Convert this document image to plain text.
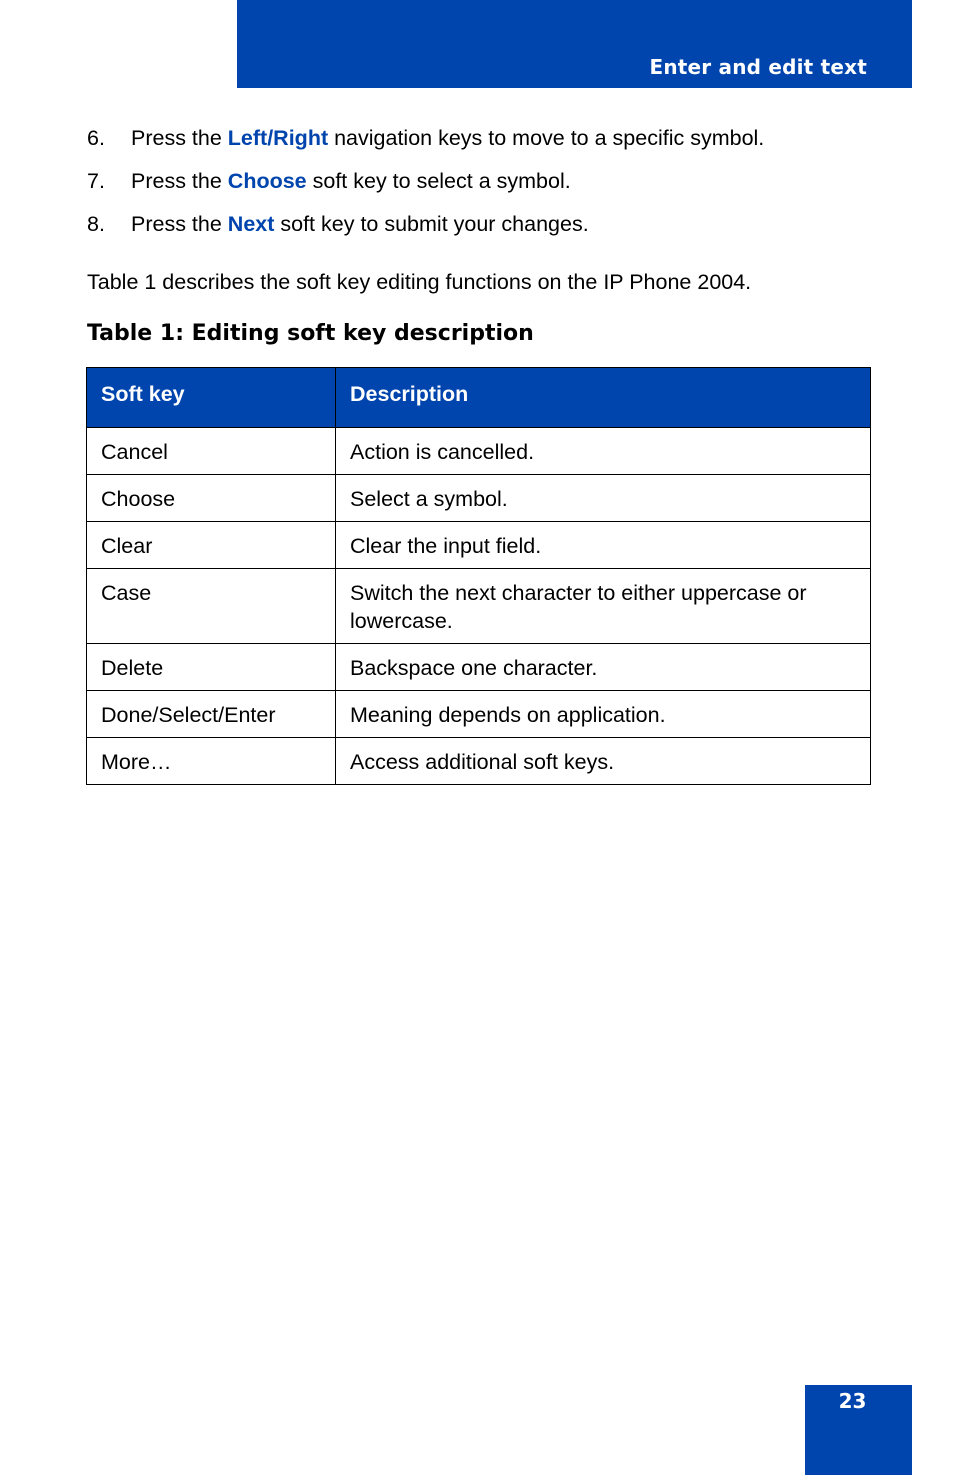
Enter and edit text
6. Press the Left/Right navigation keys to move to a specific symbol.
7. Press the Choose soft key to select a symbol.
8. Press the Next soft key to submit your changes.
Table 1 describes the soft key editing functions on the IP Phone 2004.
Table 1: Editing soft key description
Soft key	Description
Cancel	Action is cancelled.
Choose	Select a symbol.
Clear	Clear the input field.
Case	Switch the next character to either uppercase or lowercase.
Delete	Backspace one character.
Done/Select/Enter	Meaning depends on application.
More…	Access additional soft keys.
23
